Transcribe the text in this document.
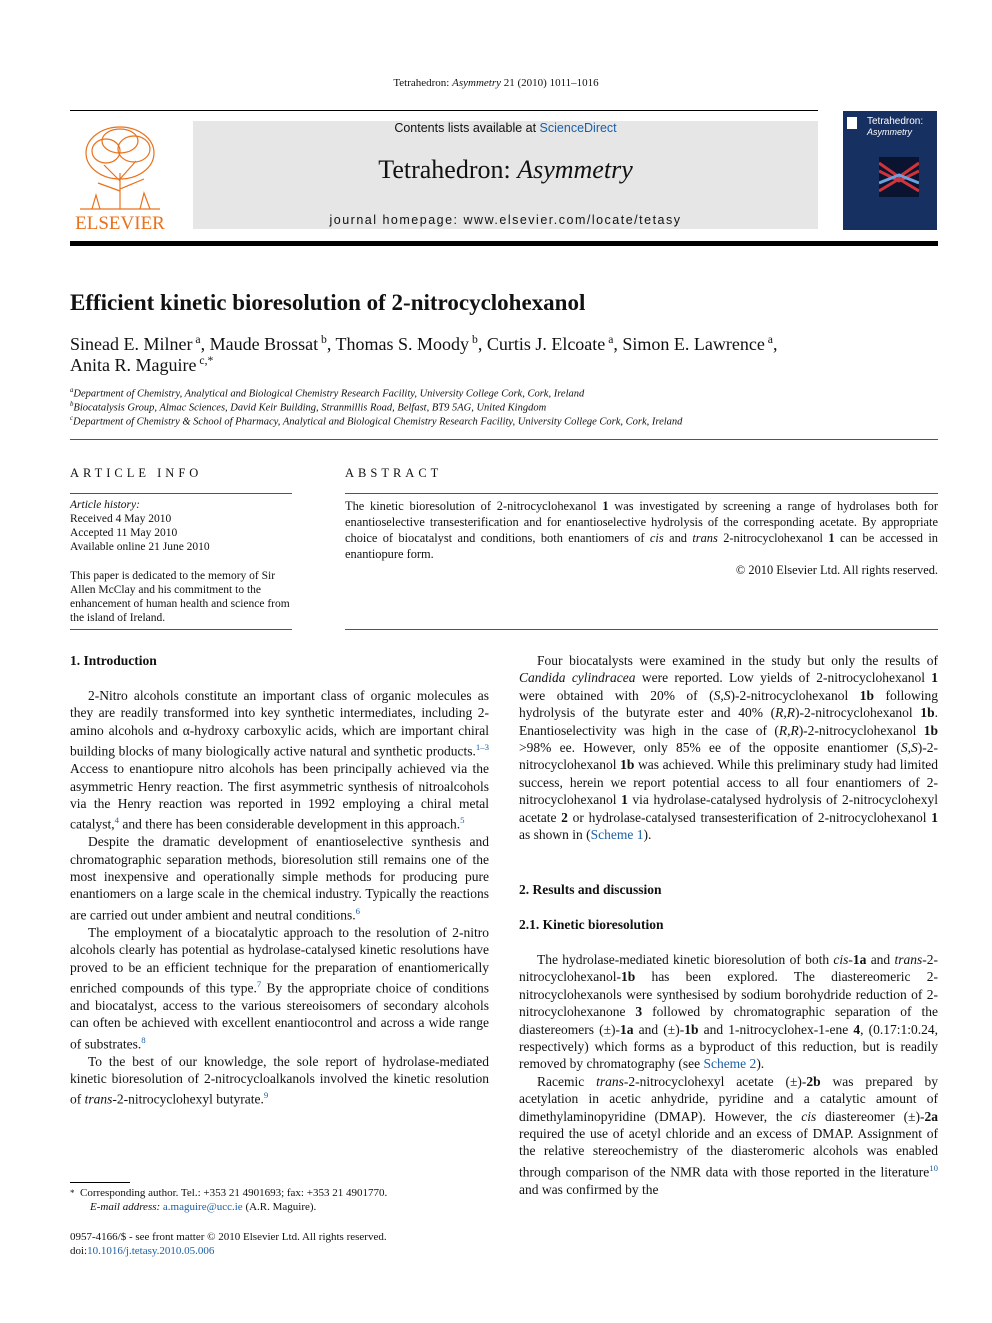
Tetrahedron: Asymmetry 21 (2010) 1011–1016
ELSEVIER
Contents lists available at ScienceDirect
Tetrahedron: Asymmetry
journal homepage: www.elsevier.com/locate/tetasy
Tetrahedron:
Asymmetry
Efficient kinetic bioresolution of 2-nitrocyclohexanol
Sinead E. Milner $^a$, Maude Brossat $^b$, Thomas S. Moody $^b$, Curtis J. Elcoate $^a$, Simon E. Lawrence $^a$,
Anita R. Maguire $^{c,*}$
$^a$Department of Chemistry, Analytical and Biological Chemistry Research Facility, University College Cork, Cork, Ireland
$^b$Biocatalysis Group, Almac Sciences, David Keir Building, Stranmillis Road, Belfast, BT9 5AG, United Kingdom
$^c$Department of Chemistry & School of Pharmacy, Analytical and Biological Chemistry Research Facility, University College Cork, Cork, Ireland
ARTICLE INFO
Article history:
Received 4 May 2010
Accepted 11 May 2010
Available online 21 June 2010
This paper is dedicated to the memory of Sir Allen McClay and his commitment to the enhancement of human health and science from the island of Ireland.
ABSTRACT
The kinetic bioresolution of 2-nitrocyclohexanol 1 was investigated by screening a range of hydrolases both for enantioselective transesterification and for enantioselective hydrolysis of the corresponding acetate. By appropriate choice of biocatalyst and conditions, both enantiomers of cis and trans 2-nitrocyclohexanol 1 can be accessed in enantiopure form.
© 2010 Elsevier Ltd. All rights reserved.
1. Introduction

2-Nitro alcohols constitute an important class of organic molecules as they are readily transformed into key synthetic intermediates, including 2-amino alcohols and α-hydroxy carboxylic acids, which are important chiral building blocks of many biologically active natural and synthetic products.$^{1-3}$ Access to enantiopure nitro alcohols has been principally achieved via the asymmetric Henry reaction. The first asymmetric synthesis of nitroalcohols via the Henry reaction was reported in 1992 employing a chiral metal catalyst,$^4$ and there has been considerable development in this approach.$^5$

Despite the dramatic development of enantioselective synthesis and chromatographic separation methods, bioresolution still remains one of the most inexpensive and operationally simple methods for producing pure enantiomers on a large scale in the chemical industry. Typically the reactions are carried out under ambient and neutral conditions.$^6$

The employment of a biocatalytic approach to the resolution of 2-nitro alcohols clearly has potential as hydrolase-catalysed kinetic resolutions have proved to be an efficient technique for the preparation of enantiomerically enriched compounds of this type.$^7$ By the appropriate choice of conditions and biocatalyst, access to the various stereoisomers of secondary alcohols can often be achieved with excellent enantiocontrol and across a wide range of substrates.$^8$

To the best of our knowledge, the sole report of hydrolase-mediated kinetic bioresolution of 2-nitrocycloalkanols involved the kinetic resolution of trans-2-nitrocyclohexyl butyrate.$^9$

* Corresponding author. Tel.: +353 21 4901693; fax: +353 21 4901770.
E-mail address: a.maguire@ucc.ie (A.R. Maguire).
0957-4166/$ - see front matter © 2010 Elsevier Ltd. All rights reserved.
doi:10.1016/j.tetasy.2010.05.006

Four biocatalysts were examined in the study but only the results of Candida cylindracea were reported. Low yields of 2-nitrocyclohexanol 1 were obtained with 20% of (S,S)-2-nitrocyclohexanol 1b following hydrolysis of the butyrate ester and 40% (R,R)-2-nitrocyclohexanol 1b. Enantioselectivity was high in the case of (R,R)-2-nitrocyclohexanol 1b >98% ee. However, only 85% ee of the opposite enantiomer (S,S)-2-nitrocyclohexanol 1b was achieved. While this preliminary study had limited success, herein we report potential access to all four enantiomers of 2-nitrocyclohexanol 1 via hydrolase-catalysed hydrolysis of 2-nitrocyclohexyl acetate 2 or hydrolase-catalysed transesterification of 2-nitrocyclohexanol 1 as shown in (Scheme 1).

2. Results and discussion
2.1. Kinetic bioresolution

The hydrolase-mediated kinetic bioresolution of both cis-1a and trans-2-nitrocyclohexanol-1b has been explored. The diastereomeric 2-nitrocyclohexanols were synthesised by sodium borohydride reduction of 2-nitrocyclohexanone 3 followed by chromatographic separation of the diastereomers (±)-1a and (±)-1b and 1-nitrocyclohex-1-ene 4, (0.17:1:0.24, respectively) which forms as a byproduct of this reduction, but is readily removed by chromatography (see Scheme 2).

Racemic trans-2-nitrocyclohexyl acetate (±)-2b was prepared by acetylation in acetic anhydride, pyridine and a catalytic amount of dimethylaminopyridine (DMAP). However, the cis diastereomer (±)-2a required the use of acetyl chloride and an excess of DMAP. Assignment of the relative stereochemistry of the diasteromeric alcohols was enabled through comparison of the NMR data with those reported in the literature$^{10}$ and was confirmed by the
